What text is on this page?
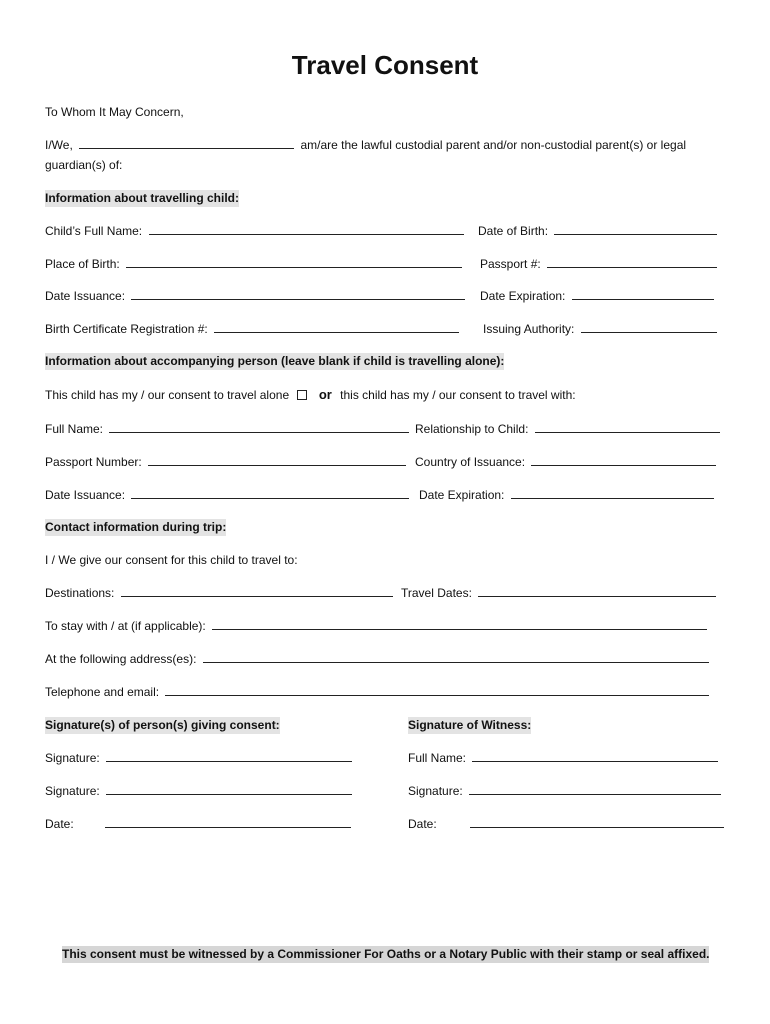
Travel Consent
To Whom It May Concern,
I/We,	am/are the lawful custodial parent and/or non-custodial parent(s) or legal
guardian(s) of:
Information about travelling child:
Child’s Full Name:	Date of Birth:
Place of Birth:	Passport #:
Date Issuance:	Date Expiration:
Birth Certificate Registration #:	Issuing Authority:
Information about accompanying person (leave blank if child is travelling alone):
This child has my / our consent to travel alone or this child has my / our consent to travel with:
Full Name:	Relationship to Child:
Passport Number:	Country of Issuance:
Date Issuance:	Date Expiration:
Contact information during trip:
I / We give our consent for this child to travel to:
Destinations:	Travel Dates:
To stay with / at (if applicable):
At the following address(es):
Telephone and email:
Signature(s) of person(s) giving consent:	Signature of Witness:
Signature:	Full Name:
Signature:	Signature:
Date:	Date:
This consent must be witnessed by a Commissioner For Oaths or a Notary Public with their stamp or seal affixed.
